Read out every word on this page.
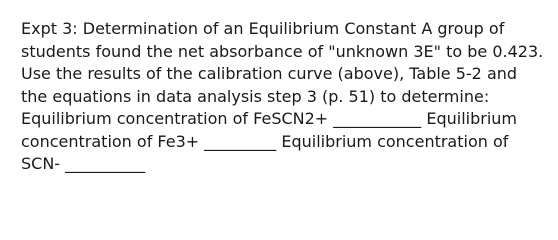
Expt 3: Determination of an Equilibrium Constant A group of
students found the net absorbance of "unknown 3E" to be 0.423.
Use the results of the calibration curve (above), Table 5-2 and
the equations in data analysis step 3 (p. 51) to determine:
Equilibrium concentration of FeSCN2+ ___________ Equilibrium
concentration of Fe3+ _________ Equilibrium concentration of
SCN- __________
